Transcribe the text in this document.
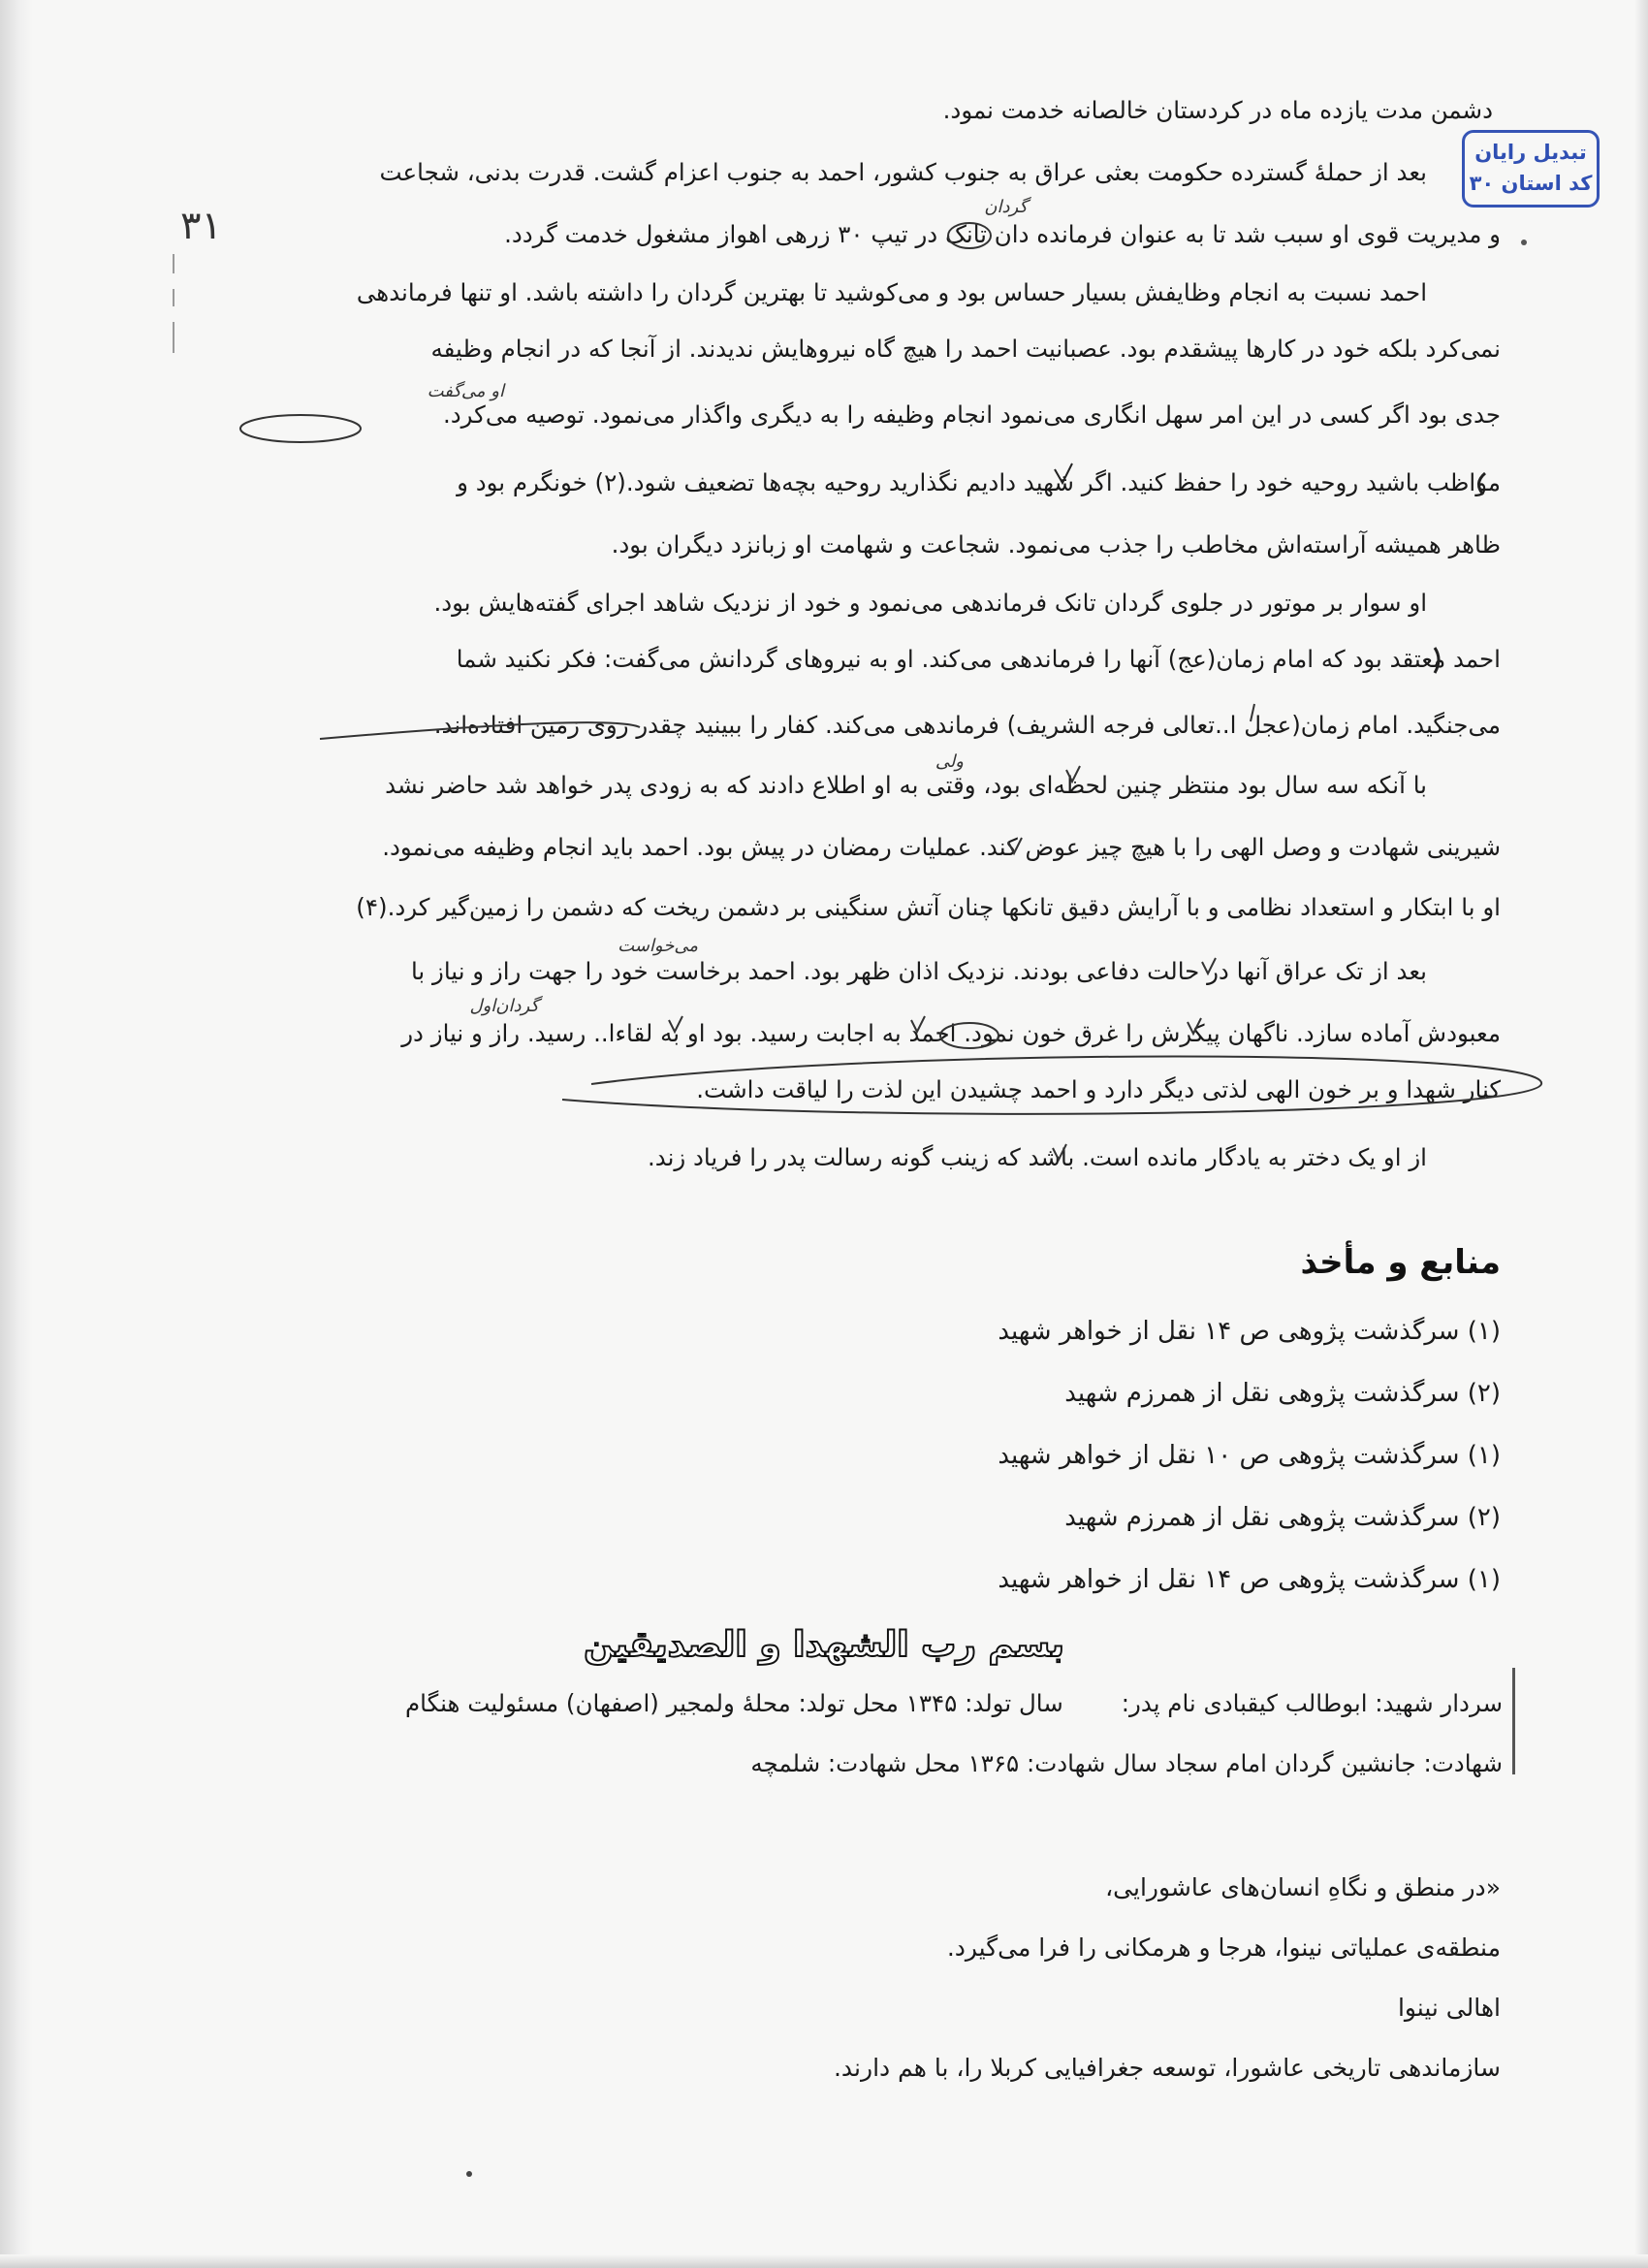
تبدیل رایان
کد استان ۳۰
۳۱
دشمن مدت یازده ماه در کردستان خالصانه خدمت نمود.
بعد از حملهٔ گسترده حکومت بعثی عراق به جنوب کشور، احمد به جنوب اعزام گشت. قدرت بدنی، شجاعت
و مدیریت قوی او سبب شد تا به عنوان فرمانده دان تانک در تیپ ۳۰ زرهی اهواز مشغول خدمت گردد.
احمد نسبت به انجام وظایفش بسیار حساس بود و می‌کوشید تا بهترین گردان را داشته باشد. او تنها فرماندهی
نمی‌کرد بلکه خود در کارها پیشقدم بود. عصبانیت احمد را هیچ گاه نیروهایش ندیدند. از آنجا که در انجام وظیفه
جدی بود اگر کسی در این امر سهل انگاری می‌نمود انجام وظیفه را به دیگری واگذار می‌نمود. توصیه می‌کرد.
مواظب باشید روحیه خود را حفظ کنید. اگر شهید دادیم نگذارید روحیه بچه‌ها تضعیف شود.(۲) خونگرم بود و
ظاهر همیشه آراسته‌اش مخاطب را جذب می‌نمود. شجاعت و شهامت او زبانزد دیگران بود.
او سوار بر موتور در جلوی گردان تانک فرماندهی می‌نمود و خود از نزدیک شاهد اجرای گفته‌هایش بود.
احمد معتقد بود که امام زمان(عج) آنها را فرماندهی می‌کند. او به نیروهای گردانش می‌گفت: فکر نکنید شما
می‌جنگید. امام زمان(عجل ا..تعالی فرجه الشریف) فرماندهی می‌کند. کفار را ببینید چقدر روی زمین افتاده‌اند.
با آنکه سه سال بود منتظر چنین لحظه‌ای بود، وقتی به او اطلاع دادند که به زودی پدر خواهد شد حاضر نشد
شیرینی شهادت و وصل الهی را با هیچ چیز عوض کند. عملیات رمضان در پیش بود. احمد باید انجام وظیفه می‌نمود.
او با ابتکار و استعداد نظامی و با آرایش دقیق تانکها چنان آتش سنگینی بر دشمن ریخت که دشمن را زمین‌گیر کرد.(۴)
بعد از تک عراق آنها در حالت دفاعی بودند. نزدیک اذان ظهر بود. احمد برخاست خود را جهت راز و نیاز با
معبودش آماده سازد. ناگهان پیکرش را غرق خون نمود. احمد به اجابت رسید. بود او به لقاءا.. رسید. راز و نیاز در
کنار شهدا و بر خون الهی لذتی دیگر دارد و احمد چشیدن این لذت را لیاقت داشت.
از او یک دختر به یادگار مانده است. باشد که زینب گونه رسالت پدر را فریاد زند.
گردان
او می‌گفت
ولی
می‌خواست
گردان‌اول
منابع و مأخذ
(۱) سرگذشت پژوهی ص ۱۴ نقل از خواهر شهید
(۲) سرگذشت پژوهی نقل از همرزم شهید
(۱) سرگذشت پژوهی ص ۱۰ نقل از خواهر شهید
(۲) سرگذشت پژوهی نقل از همرزم شهید
(۱) سرگذشت پژوهی ص ۱۴ نقل از خواهر شهید
بسم رب الشهدا و الصدیقین
سردار شهید: ابوطالب کیقبادی نام پدر:سال تولد: ۱۳۴۵ محل تولد: محلهٔ ولمجیر (اصفهان) مسئولیت هنگام
شهادت: جانشین گردان امام سجاد سال شهادت: ۱۳۶۵ محل شهادت: شلمچه
«در منطق و نگاهِ انسان‌های عاشورایی،
منطقه‌ی عملیاتی نینوا، هرجا و هرمکانی را فرا می‌گیرد.
اهالی نینوا
سازماندهی تاریخی عاشورا، توسعه جغرافیایی کربلا را، با هم دارند.
